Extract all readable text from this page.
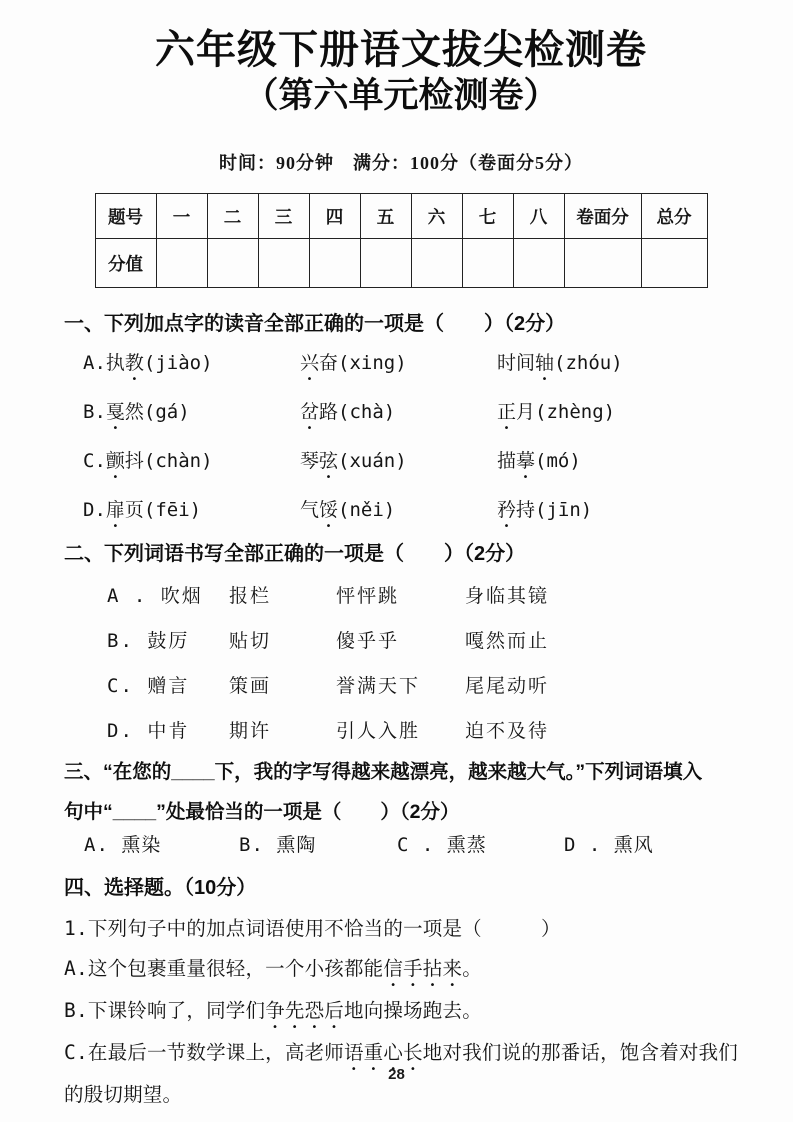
六年级下册语文拔尖检测卷
（第六单元检测卷）
时间：90分钟　满分：100分（卷面分5分）
题号	一	二	三	四	五	六	七	八	卷面分	总分
分值										
一、下列加点字的读音全部正确的一项是（　　）（2分）
A.执教(jiào)	兴奋(xing)	时间轴(zhóu)
B.戛然(gá)	岔路(chà)	正月(zhèng)
C.颤抖(chàn)	琴弦(xuán)	描摹(mó)
D.扉页(fēi)	气馁(něi)	矜持(jīn)
二、下列词语书写全部正确的一项是（　　）（2分）
A . 吹烟	报栏	怦怦跳	身临其镜
B. 鼓厉	贴切	傻乎乎	嘎然而止
C. 赠言	策画	誉满天下	尾尾动听
D. 中肯	期许	引人入胜	迫不及待
三、“在您的____下，我的字写得越来越漂亮，越来越大气。”下列词语填入
句中“____”处最恰当的一项是（　　）（2分）
A. 熏染	B. 熏陶	C . 熏蒸	D . 熏风
四、选择题。（10分）

1.下列句子中的加点词语使用不恰当的一项是（　　　）

A.这个包裹重量很轻，一个小孩都能信手拈来。

B.下课铃响了，同学们争先恐后地向操场跑去。

C.在最后一节数学课上，高老师语重心长地对我们说的那番话，饱含着对我们的殷切期望。

28
